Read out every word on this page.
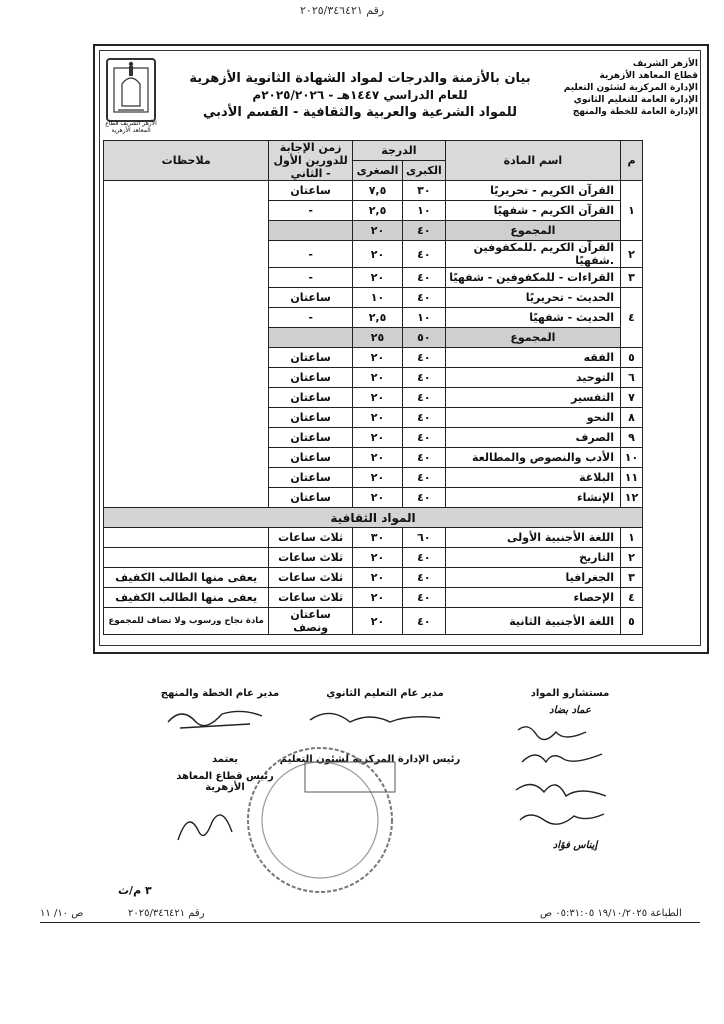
رقم ٢٠٢٥/٣٤٦٤٢١
الأزهر الشريف
قطاع المعاهد الأزهرية
الإدارة المركزية لشئون التعليم
الإدارة العامة للتعليم الثانوي
الإدارة العامة للخطة والمنهج
الأزهر الشريف قطاع المعاهد الأزهرية
بيان بالأزمنة والدرجات لمواد الشهادة الثانوية الأزهرية
للعام الدراسي ١٤٤٧هـ - ٢٠٢٥/٢٠٢٦م
للمواد الشرعية والعربية والثقافية - القسم الأدبي
م	اسم المادة	الدرجة		زمن الإجابة للدورين الأول - الثاني	ملاحظات
		الكبرى	الصغرى		
١	القرآن الكريم - تحريريًا	٣٠	٧,٥	ساعتان	
	القرآن الكريم - شفهيًا	١٠	٢,٥	-	
	المجموع	٤٠	٢٠		
٢	القرآن الكريم .للمكفوفين .شفهيًا	٤٠	٢٠	-	
٣	القراءات - للمكفوفين - شفهيًا	٤٠	٢٠	-	
٤	الحديث - تحريريًا	٤٠	١٠	ساعتان	
	الحديث - شفهيًا	١٠	٢,٥	-	
	المجموع	٥٠	٢٥		
٥	الفقه	٤٠	٢٠	ساعتان	
٦	التوحيد	٤٠	٢٠	ساعتان	
٧	التفسير	٤٠	٢٠	ساعتان	
٨	النحو	٤٠	٢٠	ساعتان	
٩	الصرف	٤٠	٢٠	ساعتان	
١٠	الأدب والنصوص والمطالعة	٤٠	٢٠	ساعتان	
١١	البلاغة	٤٠	٢٠	ساعتان	
١٢	الإنشاء	٤٠	٢٠	ساعتان	
المواد الثقافية					
١	اللغة الأجنبية الأولى	٦٠	٣٠	ثلاث ساعات	
٢	التاريخ	٤٠	٢٠	ثلاث ساعات	
٣	الجغرافيا	٤٠	٢٠	ثلاث ساعات	يعفى منها الطالب الكفيف
٤	الإحصاء	٤٠	٢٠	ثلاث ساعات	يعفى منها الطالب الكفيف
٥	اللغة الأجنبية الثانية	٤٠	٢٠	ساعتان ونصف	مادة نجاح ورسوب ولا تضاف للمجموع
مستشارو المواد
عماد بضاد
إيناس فؤاد
مدير عام التعليم الثانوي
مدير عام الخطة والمنهج
رئيس الإدارة المركزية لشئون التعليم
يعتمد
رئيس قطاع المعاهد الأزهرية
٣ م/ث
الطباعة ١٩/١٠/٢٠٢٥ ٠٥:٣١:٠٥ ص
رقم ٢٠٢٥/٣٤٦٤٢١
ص ١٠/ ١١
